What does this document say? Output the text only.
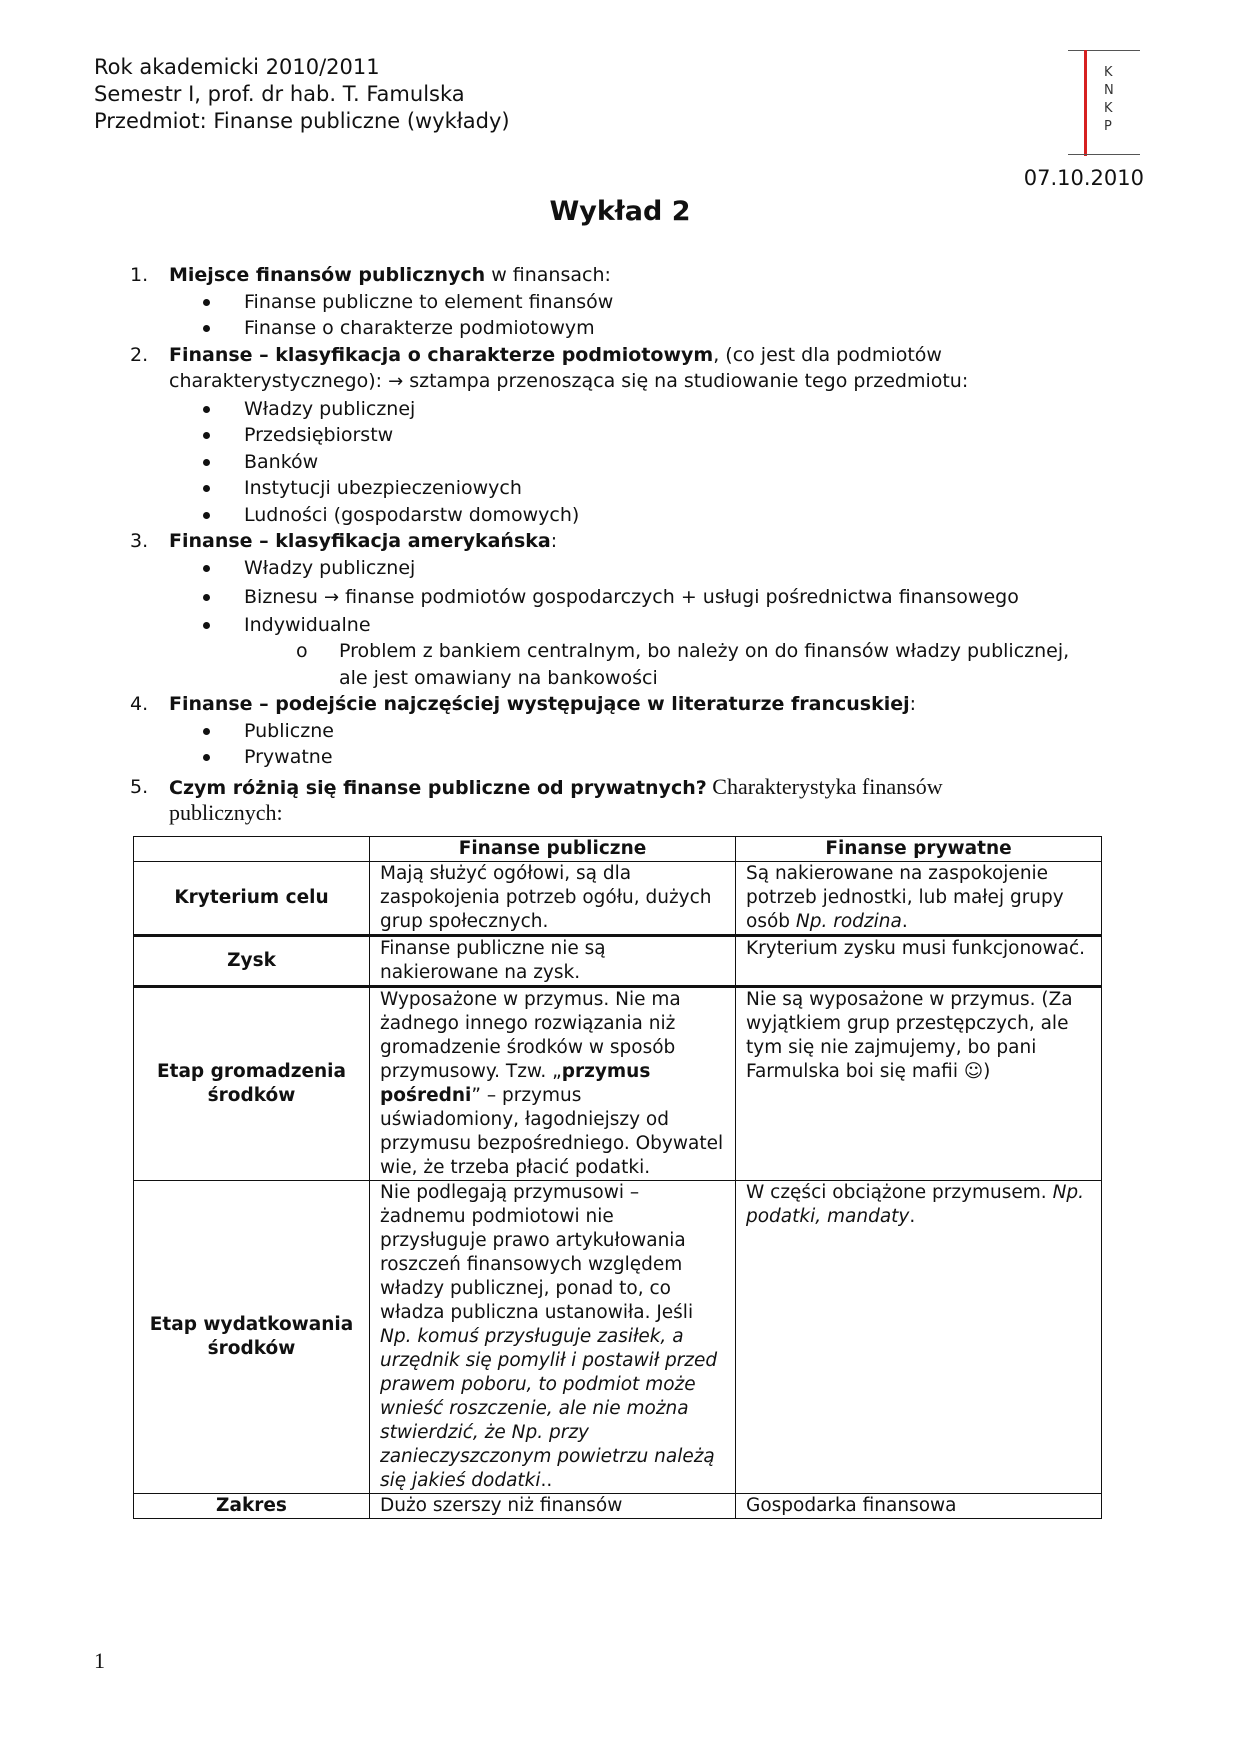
Rok akademicki 2010/2011
Semestr I, prof. dr hab. T. Famulska
Przedmiot: Finanse publiczne (wykłady)
K
N
K
P
07.10.2010
Wykład 2
1. Miejsce finansów publicznych w finansach:
Finanse publiczne to element finansów
Finanse o charakterze podmiotowym
2. Finanse – klasyfikacja o charakterze podmiotowym, (co jest dla podmiotów
charakterystycznego): → sztampa przenosząca się na studiowanie tego przedmiotu:
Władzy publicznej
Przedsiębiorstw
Banków
Instytucji ubezpieczeniowych
Ludności (gospodarstw domowych)
3. Finanse – klasyfikacja amerykańska:
Władzy publicznej
Biznesu → finanse podmiotów gospodarczych + usługi pośrednictwa finansowego
Indywidualne
o Problem z bankiem centralnym, bo należy on do finansów władzy publicznej,
ale jest omawiany na bankowości
4. Finanse – podejście najczęściej występujące w literaturze francuskiej:
Publiczne
Prywatne
5. Czym różnią się finanse publiczne od prywatnych? Charakterystyka finansów
publicznych:
	Finanse publiczne	Finanse prywatne
Kryterium celu	Mają służyć ogółowi, są dla zaspokojenia potrzeb ogółu, dużych grup społecznych.	Są nakierowane na zaspokojenie potrzeb jednostki, lub małej grupy osób Np. rodzina.
Zysk	Finanse publiczne nie są nakierowane na zysk.	Kryterium zysku musi funkcjonować.
Etap gromadzenia środków	Wyposażone w przymus. Nie ma żadnego innego rozwiązania niż gromadzenie środków w sposób przymusowy. Tzw. „przymus pośredni” – przymus uświadomiony, łagodniejszy od przymusu bezpośredniego. Obywatel wie, że trzeba płacić podatki.	Nie są wyposażone w przymus. (Za wyjątkiem grup przestępczych, ale tym się nie zajmujemy, bo pani Farmulska boi się mafii ☺)
Etap wydatkowania środków	Nie podlegają przymusowi – żadnemu podmiotowi nie przysługuje prawo artykułowania roszczeń finansowych względem władzy publicznej, ponad to, co władza publiczna ustanowiła. Jeśli Np. komuś przysługuje zasiłek, a urzędnik się pomylił i postawił przed prawem poboru, to podmiot może wnieść roszczenie, ale nie można stwierdzić, że Np. przy zanieczyszczonym powietrzu należą się jakieś dodatki..	W części obciążone przymusem. Np. podatki, mandaty.
Zakres	Dużo szerszy niż finansów	Gospodarka finansowa
1
